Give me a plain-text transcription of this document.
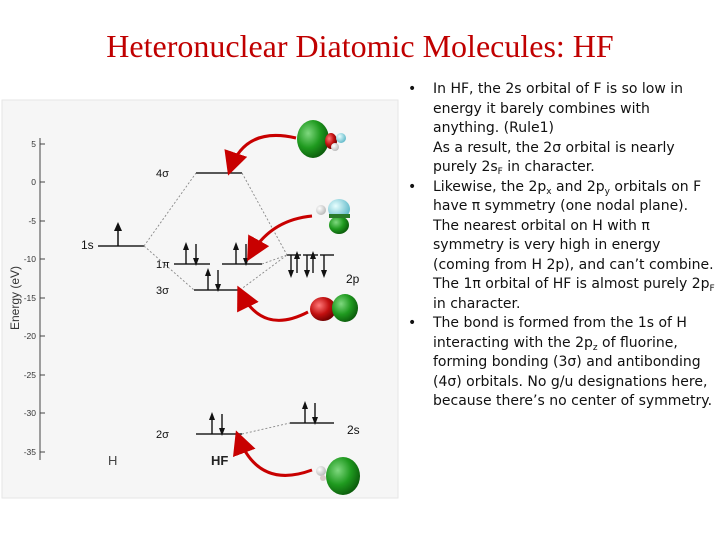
Heteronuclear Diatomic Molecules: HF
5
0
-5
-10
-15
-20
-25
-30
-35
Energy (eV)
1s
4σ
1π
3σ
2σ
2p
2s
H	HF
• In HF, the 2s orbital of F is so low in energy it barely combines with anything. (Rule1)
As a result, the 2σ orbital is nearly purely $2s_F$ in character.
• Likewise, the $2p_x$ and $2p_y$ orbitals on F have π symmetry (one nodal plane). The nearest orbital on H with π symmetry is very high in energy (coming from H 2p), and can’t combine. The 1π orbital of HF is almost purely $2p_F$ in character.
• The bond is formed from the 1s of H interacting with the $2p_z$ of fluorine, forming bonding (3σ) and antibonding (4σ) orbitals. No g/u designations here, because there’s no center of symmetry.
